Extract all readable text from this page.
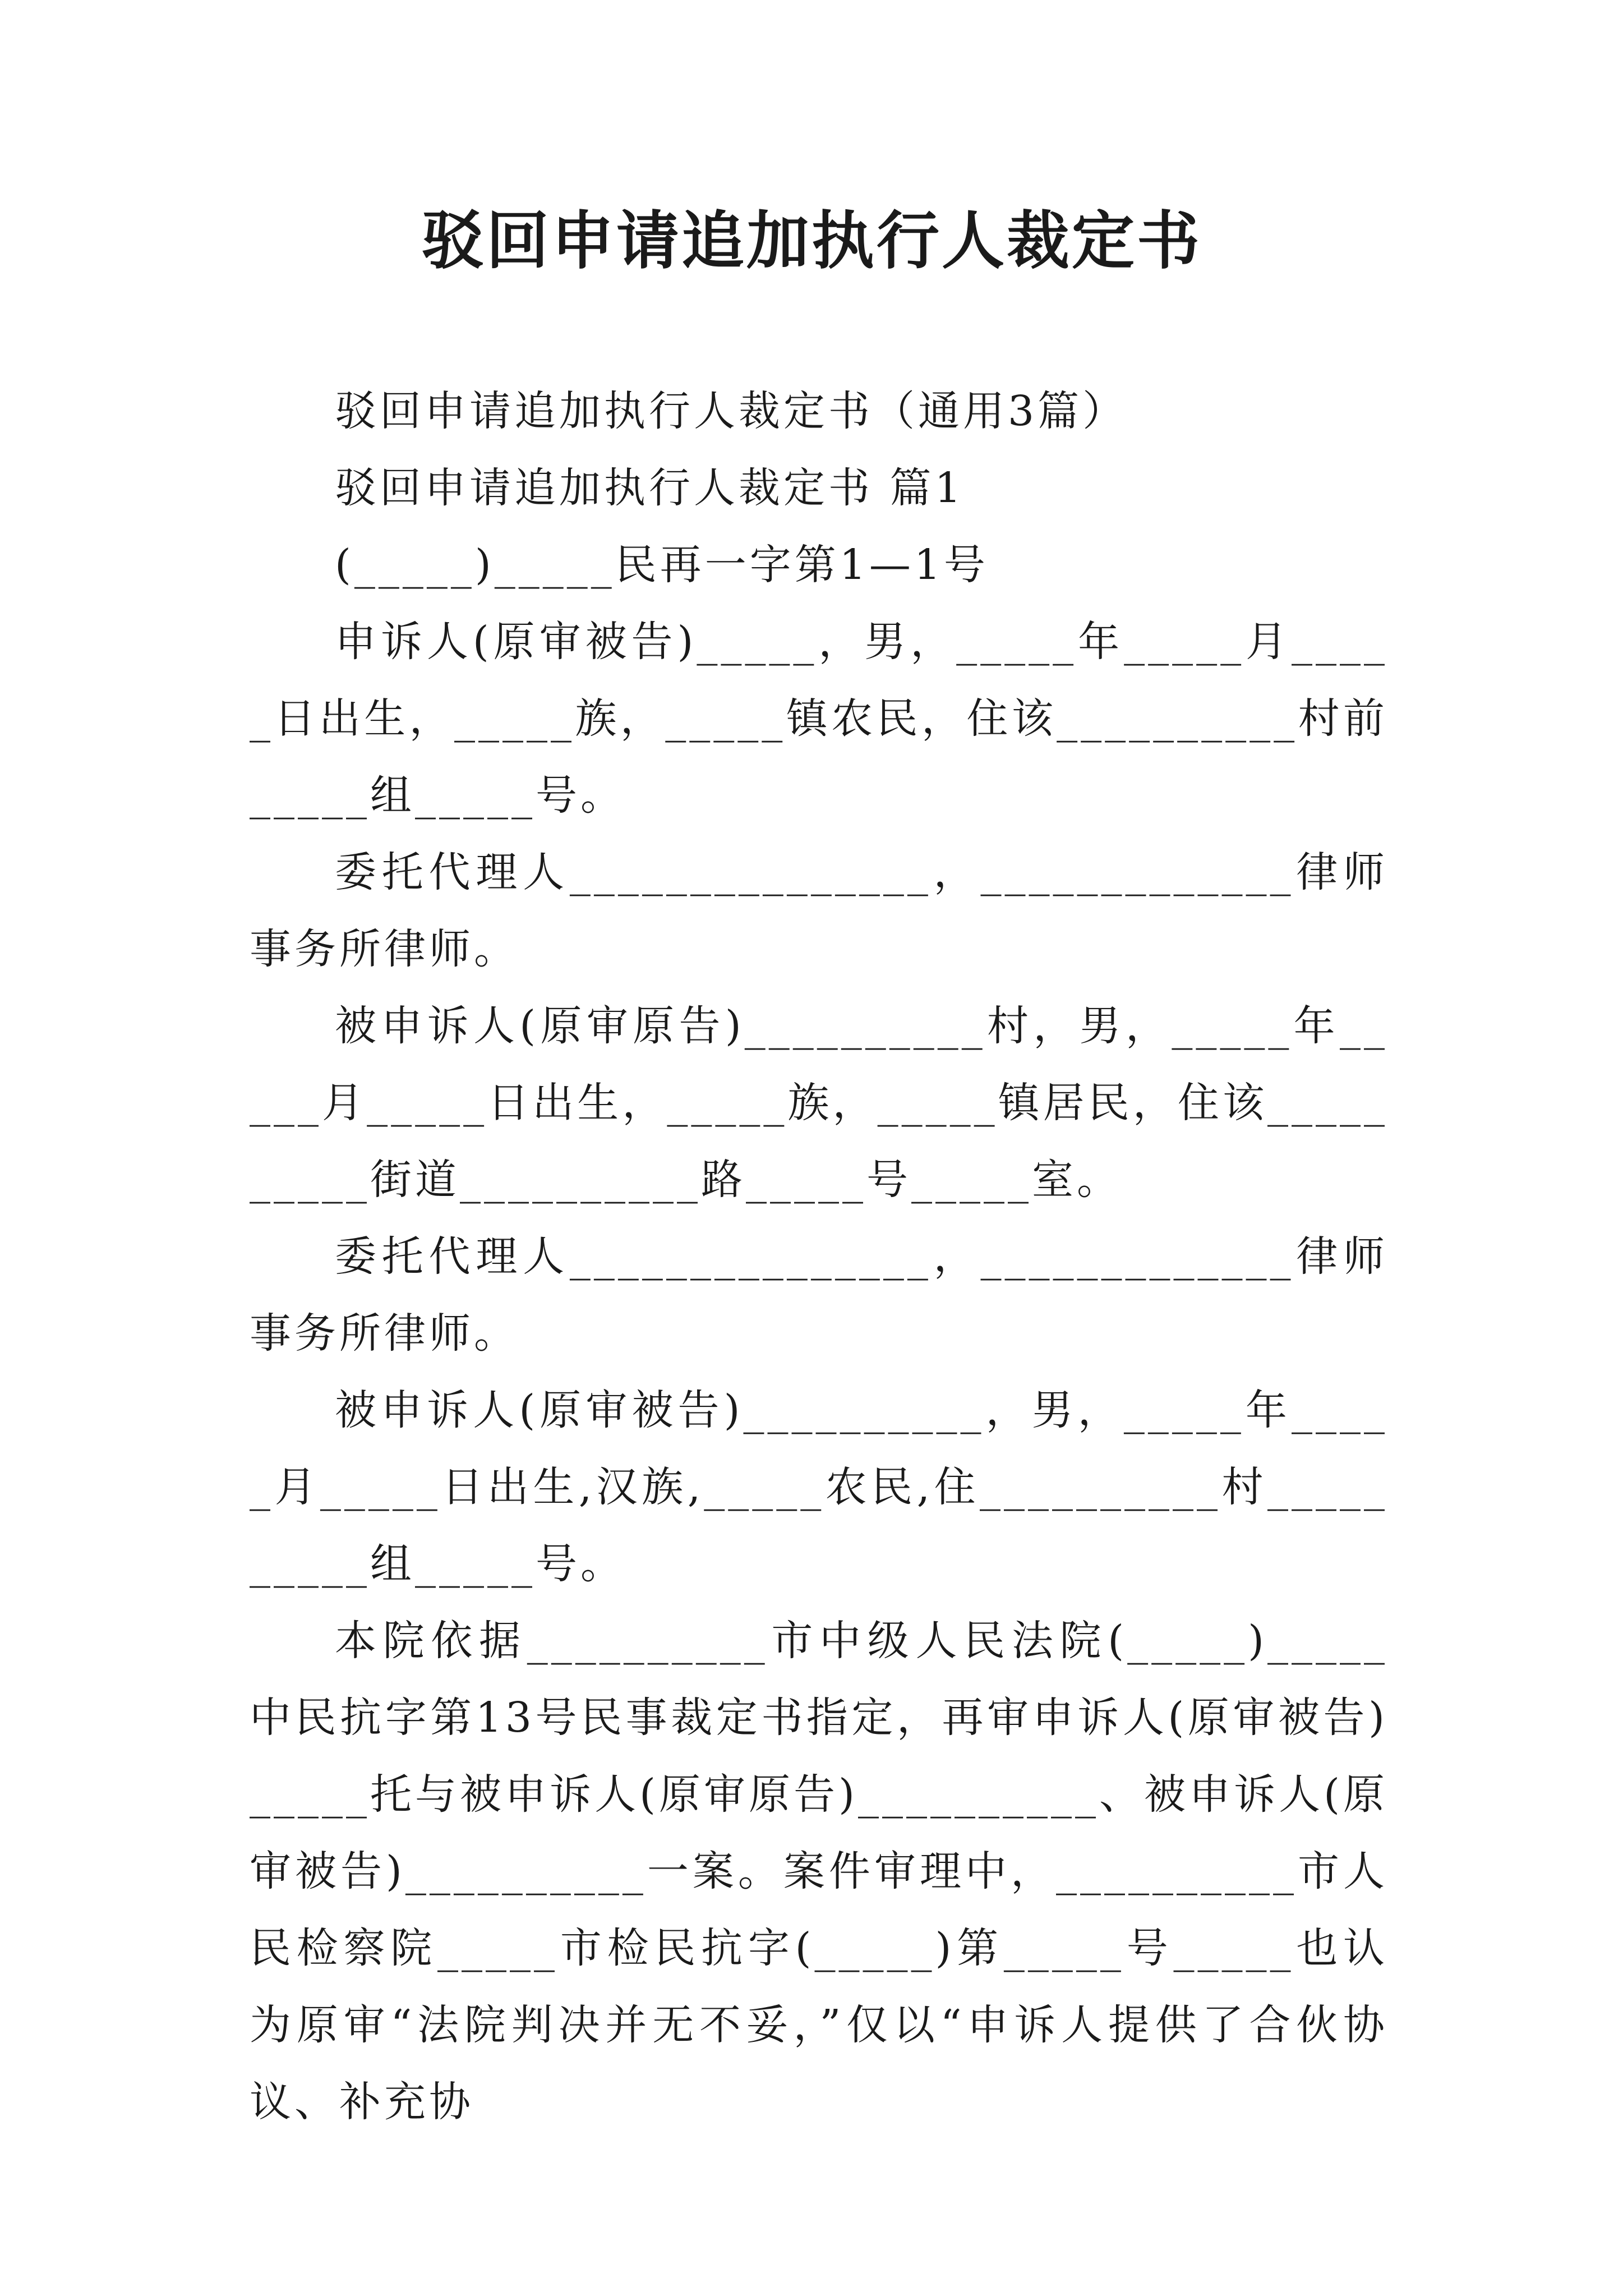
驳回申请追加执行人裁定书

驳回申请追加执行人裁定书（通用3篇）

驳回申请追加执行人裁定书 篇1

(_____)_____民再一字第1—1号

申诉人(原审被告)_____，男，_____年_____月_____日出生，_____族，_____镇农民，住该__________村前_____组_____号。

委托代理人_______________，_____________律师事务所律师。

被申诉人(原审原告)__________村，男，_____年_____月_____日出生，_____族，_____镇居民，住该__________街道__________路_____号_____室。

委托代理人_______________，_____________律师事务所律师。

被申诉人(原审被告)__________，男，_____年_____月_____日出生,汉族,_____农民,住__________村__________组_____号。

本院依据__________市中级人民法院(_____)_____中民抗字第13号民事裁定书指定，再审申诉人(原审被告)_____托与被申诉人(原审原告)__________、被申诉人(原审被告)__________一案。案件审理中，__________市人民检察院_____市检民抗字(_____)第_____号_____也认为原审“法院判决并无不妥，”仅以“申诉人提供了合伙协议、补充协
